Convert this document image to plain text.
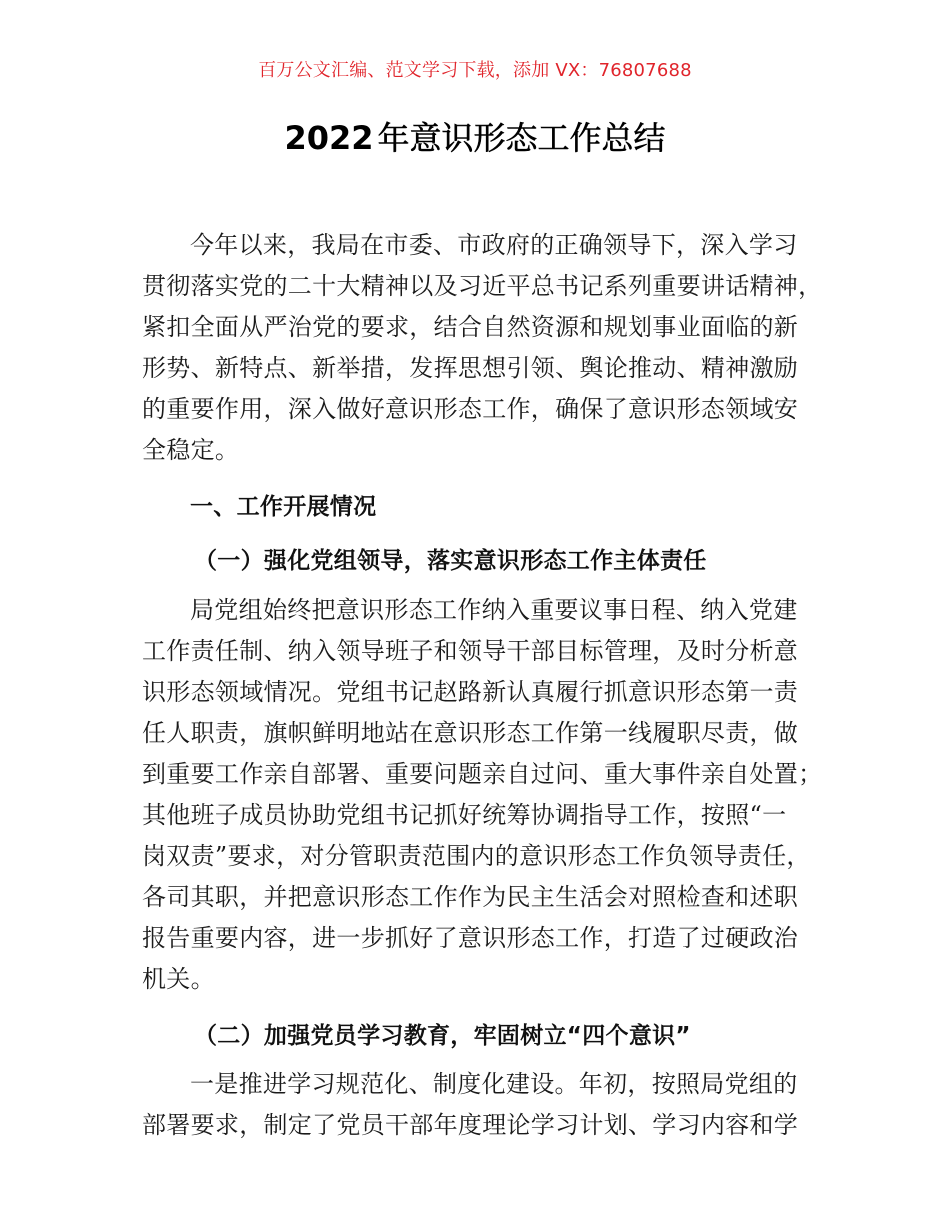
百万公文汇编、范文学习下载，添加 VX：76807688
2022 年意识形态工作总结
今年以来，我局在市委、市政府的正确领导下，深入学习
贯彻落实党的二十大精神以及习近平总书记系列重要讲话精神，
紧扣全面从严治党的要求，结合自然资源和规划事业面临的新
形势、新特点、新举措，发挥思想引领、舆论推动、精神激励
的重要作用，深入做好意识形态工作，确保了意识形态领域安
全稳定。
一、工作开展情况
（一）强化党组领导，落实意识形态工作主体责任
局党组始终把意识形态工作纳入重要议事日程、纳入党建
工作责任制、纳入领导班子和领导干部目标管理，及时分析意
识形态领域情况。党组书记赵路新认真履行抓意识形态第一责
任人职责，旗帜鲜明地站在意识形态工作第一线履职尽责，做
到重要工作亲自部署、重要问题亲自过问、重大事件亲自处置；
其他班子成员协助党组书记抓好统筹协调指导工作，按照“一
岗双责”要求，对分管职责范围内的意识形态工作负领导责任，
各司其职，并把意识形态工作作为民主生活会对照检查和述职
报告重要内容，进一步抓好了意识形态工作，打造了过硬政治
机关。
（二）加强党员学习教育，牢固树立“四个意识”
一是推进学习规范化、制度化建设。年初，按照局党组的
部署要求，制定了党员干部年度理论学习计划、学习内容和学
